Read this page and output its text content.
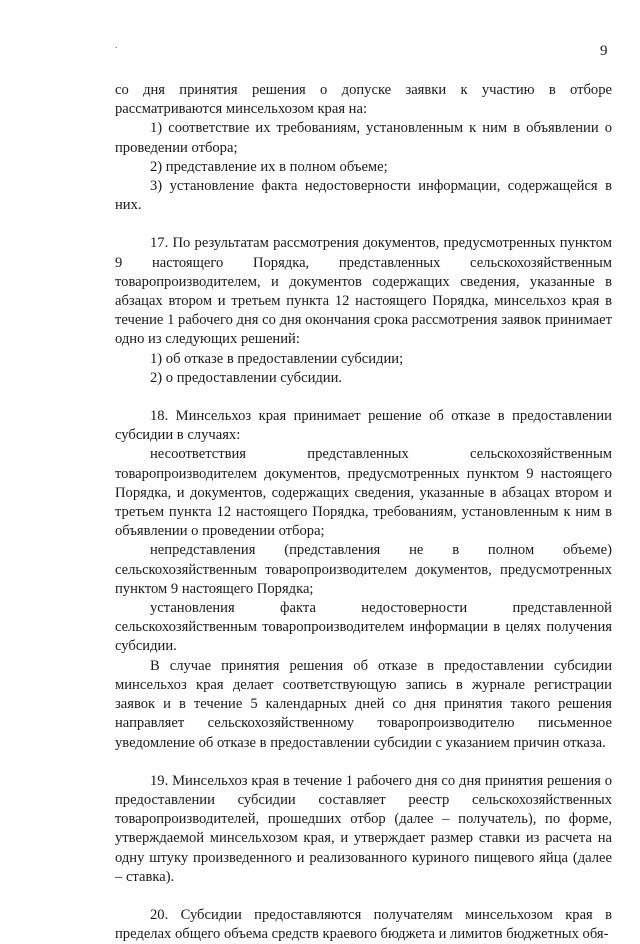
.	9

со дня принятия решения о допуске заявки к участию в отборе рассматриваются минсельхозом края на:

1) соответствие их требованиям, установленным к ним в объявлении о проведении отбора;

2) представление их в полном объеме;

3) установление факта недостоверности информации, содержащейся в них.

17. По результатам рассмотрения документов, предусмотренных пунктом 9 настоящего Порядка, представленных сельскохозяйственным товаропроизводителем, и документов содержащих сведения, указанные в абзацах втором и третьем пункта 12 настоящего Порядка, минсельхоз края в течение 1 рабочего дня со дня окончания срока рассмотрения заявок принимает одно из следующих решений:

1) об отказе в предоставлении субсидии;

2) о предоставлении субсидии.

18. Минсельхоз края принимает решение об отказе в предоставлении субсидии в случаях:

несоответствия представленных сельскохозяйственным товаропроизводителем документов, предусмотренных пунктом 9 настоящего Порядка, и документов, содержащих сведения, указанные в абзацах втором и третьем пункта 12 настоящего Порядка, требованиям, установленным к ним в объявлении о проведении отбора;

непредставления (представления не в полном объеме) сельскохозяйственным товаропроизводителем документов, предусмотренных пунктом 9 настоящего Порядка;

установления факта недостоверности представленной сельскохозяйственным товаропроизводителем информации в целях получения субсидии.

В случае принятия решения об отказе в предоставлении субсидии минсельхоз края делает соответствующую запись в журнале регистрации заявок и в течение 5 календарных дней со дня принятия такого решения направляет сельскохозяйственному товаропроизводителю письменное уведомление об отказе в предоставлении субсидии с указанием причин отказа.

19. Минсельхоз края в течение 1 рабочего дня со дня принятия решения о предоставлении субсидии составляет реестр сельскохозяйственных товаропроизводителей, прошедших отбор (далее – получатель), по форме, утверждаемой минсельхозом края, и утверждает размер ставки из расчета на одну штуку произведенного и реализованного куриного пищевого яйца (далее – ставка).

20. Субсидии предоставляются получателям минсельхозом края в пределах общего объема средств краевого бюджета и лимитов бюджетных обя-
